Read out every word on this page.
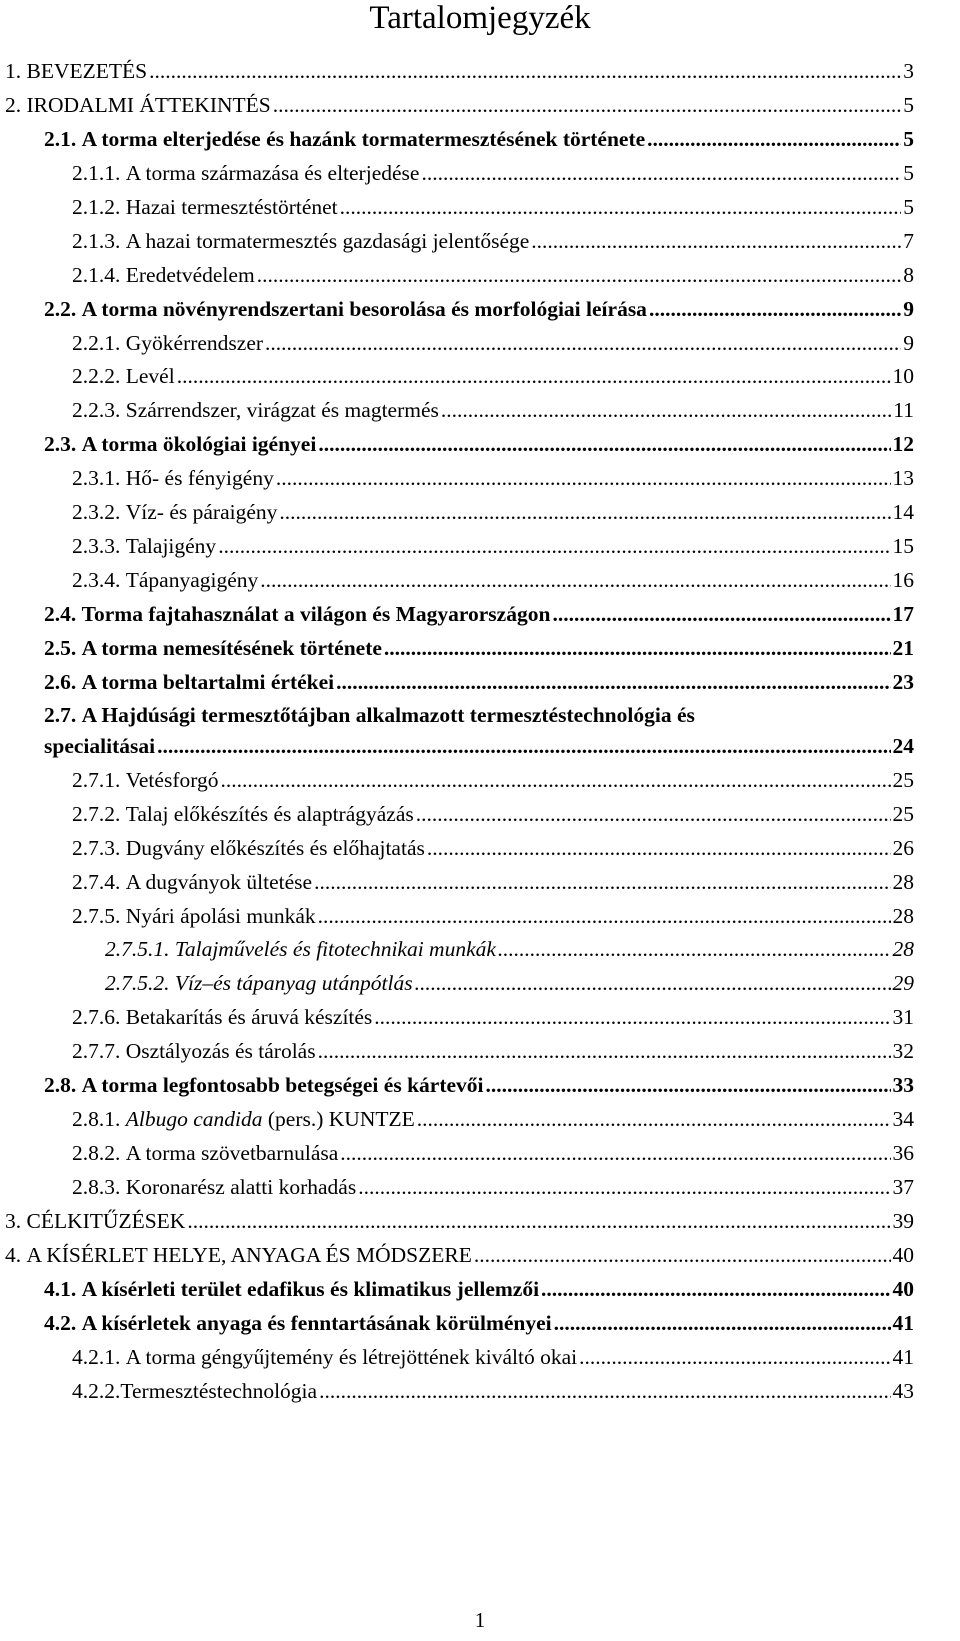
Tartalomjegyzék
1. BEVEZETÉS .....	3
2. IRODALMI ÁTTEKINTÉS .....	5
2.1. A torma elterjedése és hazánk tormatermesztésének története .....	5
2.1.1. A torma származása és elterjedése .....	5
2.1.2. Hazai termesztéstörténet .....	5
2.1.3. A hazai tormatermesztés gazdasági jelentősége .....	7
2.1.4. Eredetvédelem .....	8
2.2. A torma növényrendszertani besorolása és morfológiai leírása .....	9
2.2.1. Gyökérrendszer .....	9
2.2.2. Levél .....	10
2.2.3. Szárrendszer, virágzat és magtermés .....	11
2.3. A torma ökológiai igényei .....	12
2.3.1. Hő- és fényigény .....	13
2.3.2. Víz- és páraigény .....	14
2.3.3. Talajigény .....	15
2.3.4. Tápanyagigény .....	16
2.4. Torma fajtahasználat a világon és Magyarországon .....	17
2.5. A torma nemesítésének története .....	21
2.6. A torma beltartalmi értékei .....	23
2.7. A Hajdúsági termesztőtájban alkalmazott termesztéstechnológia és
specialitásai .....	24
2.7.1. Vetésforgó .....	25
2.7.2. Talaj előkészítés és alaptrágyázás .....	25
2.7.3. Dugvány előkészítés és előhajtatás .....	26
2.7.4. A dugványok ültetése .....	28
2.7.5. Nyári ápolási munkák .....	28
2.7.5.1. Talajművelés és fitotechnikai munkák .....	28
2.7.5.2. Víz–és tápanyag utánpótlás .....	29
2.7.6. Betakarítás és áruvá készítés .....	31
2.7.7. Osztályozás és tárolás .....	32
2.8. A torma legfontosabb betegségei és kártevői .....	33
2.8.1. Albugo candida (pers.) KUNTZE .....	34
2.8.2. A torma szövetbarnulása .....	36
2.8.3. Koronarész alatti korhadás .....	37
3. CÉLKITŰZÉSEK .....	39
4. A KÍSÉRLET HELYE, ANYAGA ÉS MÓDSZERE .....	40
4.1. A kísérleti terület edafikus és klimatikus jellemzői .....	40
4.2. A kísérletek anyaga és fenntartásának körülményei .....	41
4.2.1. A torma géngyűjtemény és létrejöttének kiváltó okai .....	41
4.2.2. Termesztéstechnológia .....	43
1
